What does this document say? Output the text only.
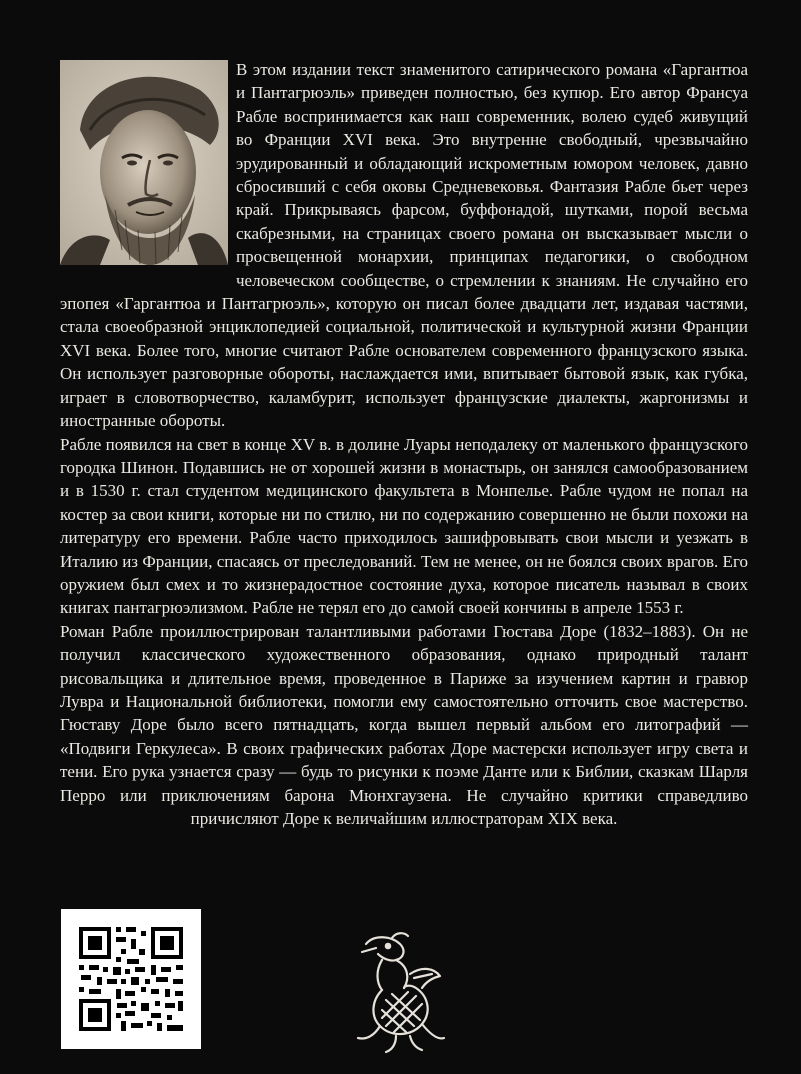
В этом издании текст знаменитого сатирического романа «Гаргантюа и Пантагрюэль» приведен полностью, без купюр. Его автор Франсуа Рабле воспринимается как наш современник, волею судеб живущий во Франции XVI века. Это внутренне свободный, чрезвычайно эрудированный и обладающий искрометным юмором человек, давно сбросивший с себя оковы Средневековья. Фантазия Рабле бьет через край. Прикрываясь фарсом, буффонадой, шутками, порой весьма скабрезными, на страницах своего романа он высказывает мысли о просвещенной монархии, принципах педагогики, о свободном человеческом сообществе, о стремлении к знаниям. Не случайно его эпопея «Гаргантюа и Пантагрюэль», которую он писал более двадцати лет, издавая частями, стала своеобразной энциклопедией социальной, политической и культурной жизни Франции XVI века. Более того, многие считают Рабле основателем современного французского языка. Он использует разговорные обороты, наслаждается ими, впитывает бытовой язык, как губка, играет в словотворчество, каламбурит, использует французские диалекты, жаргонизмы и иностранные обороты.

Рабле появился на свет в конце XV в. в долине Луары неподалеку от маленького французского городка Шинон. Подавшись не от хорошей жизни в монастырь, он занялся самообразованием и в 1530 г. стал студентом медицинского факультета в Монпелье. Рабле чудом не попал на костер за свои книги, которые ни по стилю, ни по содержанию совершенно не были похожи на литературу его времени. Рабле часто приходилось зашифровывать свои мысли и уезжать в Италию из Франции, спасаясь от преследований. Тем не менее, он не боялся своих врагов. Его оружием был смех и то жизнерадостное состояние духа, которое писатель называл в своих книгах пантагрюэлизмом. Рабле не терял его до самой своей кончины в апреле 1553 г.

Роман Рабле проиллюстрирован талантливыми работами Гюстава Доре (1832–1883). Он не получил классического художественного образования, однако природный талант рисовальщика и длительное время, проведенное в Париже за изучением картин и гравюр Лувра и Национальной библиотеки, помогли ему самостоятельно отточить свое мастерство. Гюставу Доре было всего пятнадцать, когда вышел первый альбом его литографий — «Подвиги Геркулеса». В своих графических работах Доре мастерски использует игру света и тени. Его рука узнается сразу — будь то рисунки к поэме Данте или к Библии, сказкам Шарля Перро или приключениям барона Мюнхгаузена. Не случайно критики справедливо причисляют Доре к величайшим иллюстраторам XIX века.
